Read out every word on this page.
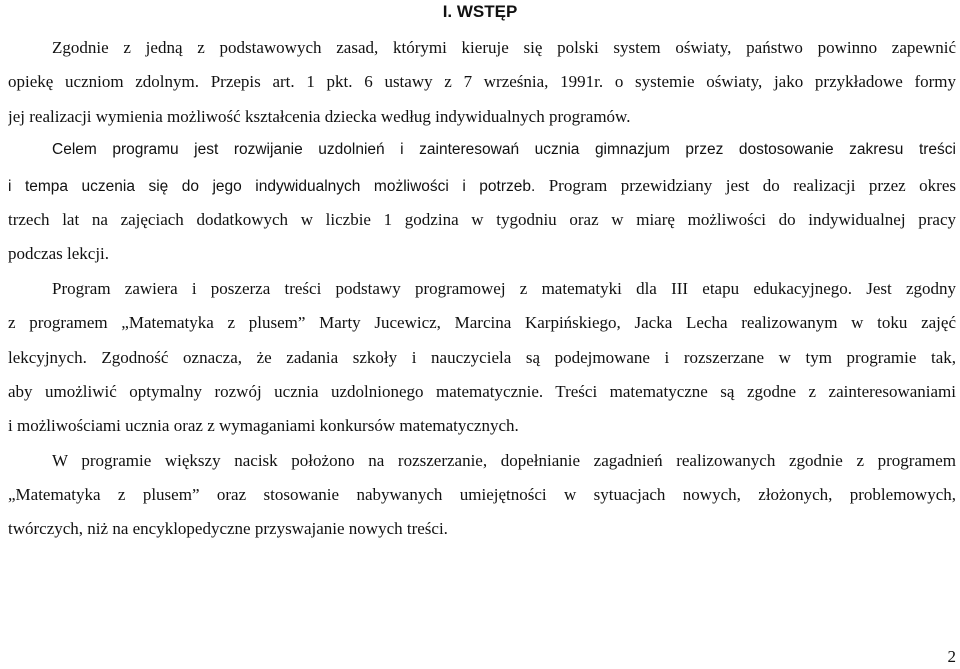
I. WSTĘP
Zgodnie z jedną z podstawowych zasad, którymi kieruje się polski system oświaty, państwo powinno zapewnić
opiekę uczniom zdolnym. Przepis art. 1 pkt. 6 ustawy z 7 września, 1991r. o systemie oświaty, jako przykładowe formy
jej realizacji wymienia możliwość kształcenia dziecka według indywidualnych programów.
Celem programu jest rozwijanie uzdolnień i zainteresowań ucznia gimnazjum przez dostosowanie zakresu treści
i tempa uczenia się do jego indywidualnych możliwości i potrzeb. Program przewidziany jest do realizacji przez okres
trzech lat na zajęciach dodatkowych w liczbie 1 godzina w tygodniu oraz w miarę możliwości do indywidualnej pracy
podczas lekcji.
Program zawiera i poszerza treści podstawy programowej z matematyki dla III etapu edukacyjnego. Jest zgodny
z programem „Matematyka z plusem” Marty Jucewicz, Marcina Karpińskiego, Jacka Lecha realizowanym w toku zajęć
lekcyjnych. Zgodność oznacza, że zadania szkoły i nauczyciela są podejmowane i rozszerzane w tym programie tak,
aby umożliwić optymalny rozwój ucznia uzdolnionego matematycznie. Treści matematyczne są zgodne z zainteresowaniami
i możliwościami ucznia oraz z wymaganiami konkursów matematycznych.
W programie większy nacisk położono na rozszerzanie, dopełnianie zagadnień realizowanych zgodnie z programem
„Matematyka z plusem” oraz stosowanie nabywanych umiejętności w sytuacjach nowych, złożonych, problemowych,
twórczych, niż na encyklopedyczne przyswajanie nowych treści.
2
